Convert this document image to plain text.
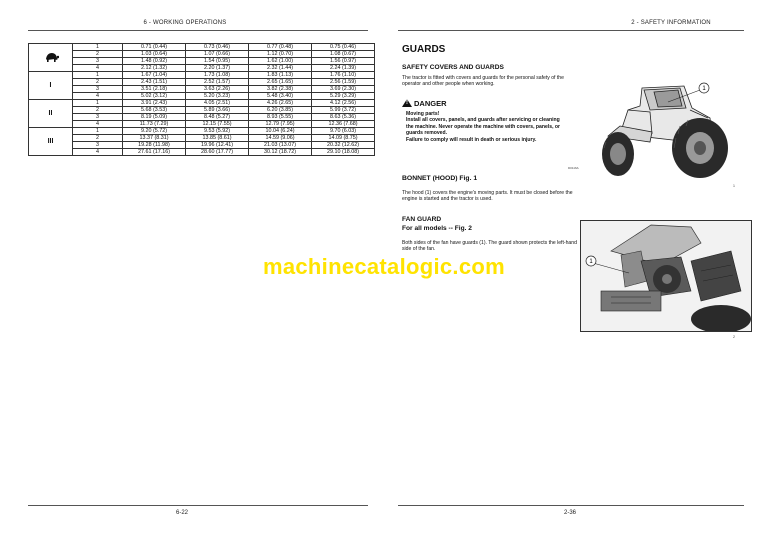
6 - WORKING OPERATIONS
	1	0.71 (0.44)	0.73 (0.46)	0.77 (0.48)	0.75 (0.46)
	2	1.03 (0.64)	1.07 (0.66)	1.12 (0.70)	1.08 (0.67)
	3	1.48 (0.92)	1.54 (0.95)	1.62 (1.00)	1.56 (0.97)
	4	2.12 (1.32)	2.20 (1.37)	2.32 (1.44)	2.24 (1.39)
I	1	1.67 (1.04)	1.73 (1.08)	1.83 (1.13)	1.76 (1.10)
	2	2.43 (1.51)	2.52 (1.57)	2.65 (1.65)	2.56 (1.59)
	3	3.51 (2.18)	3.63 (2.26)	3.82 (2.38)	3.69 (2.30)
	4	5.02 (3.12)	5.20 (3.23)	5.48 (3.40)	5.29 (3.29)
II	1	3.91 (2.43)	4.05 (2.51)	4.26 (2.65)	4.12 (2.56)
	2	5.68 (3.53)	5.89 (3.66)	6.20 (3.85)	5.99 (3.72)
	3	8.19 (5.09)	8.48 (5.27)	8.93 (5.55)	8.63 (5.36)
	4	11.73 (7.29)	12.15 (7.55)	12.79 (7.95)	12.36 (7.68)
III	1	9.20 (5.72)	9.53 (5.92)	10.04 (6.24)	9.70 (6.03)
	2	13.37 (8.31)	13.85 (8.61)	14.59 (9.06)	14.09 (8.75)
	3	19.28 (11.98)	19.96 (12.41)	21.03 (13.07)	20.32 (12.62)
	4	27.61 (17.16)	28.60 (17.77)	30.12 (18.72)	29.10 (18.08)
6-22
2 - SAFETY INFORMATION
GUARDS
SAFETY COVERS AND GUARDS
The tractor is fitted with covers and guards for the personal safety of the operator and other people when working.
!DANGER
Moving parts!
Install all covers, panels, and guards after servicing or cleaning the machine. Never operate the machine with covers, panels, or guards removed.
Failure to comply will result in death or serious injury.
D0116A
BONNET (HOOD) Fig. 1
The hood (1) covers the engine's moving parts. It must be closed before the engine is started and the tractor is used.
FAN GUARD
For all models -- Fig. 2
Both sides of the fan have guards (1). The guard shown protects the left-hand side of the fan.
1
1
1
2
2-36
machinecatalogic.com
